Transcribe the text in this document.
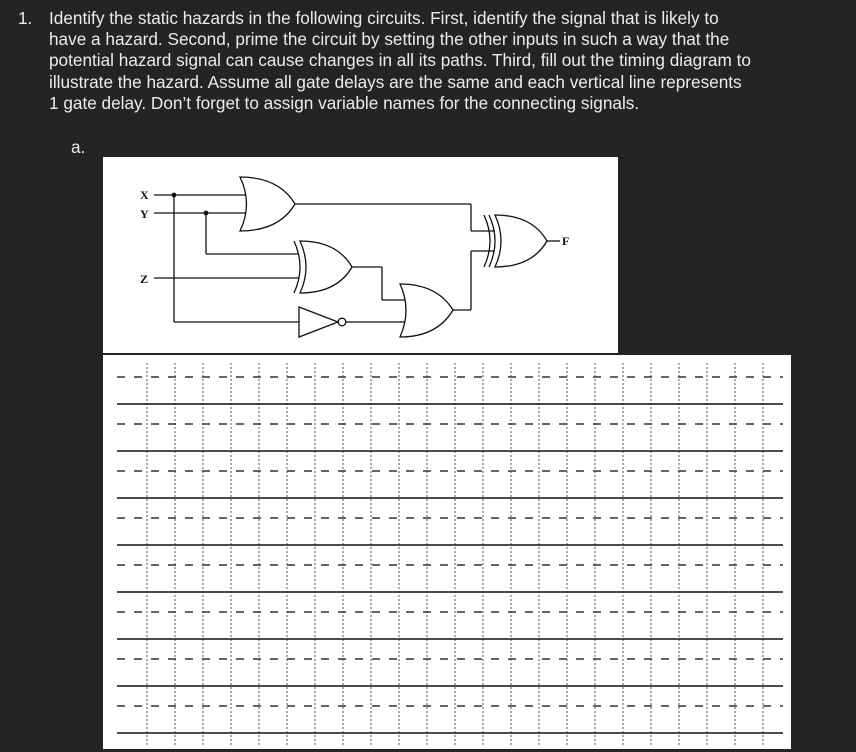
1. Identify the static hazards in the following circuits. First, identify the signal that is likely to
have a hazard. Second, prime the circuit by setting the other inputs in such a way that the
potential hazard signal can cause changes in all its paths. Third, fill out the timing diagram to
illustrate the hazard. Assume all gate delays are the same and each vertical line represents
1 gate delay. Don’t forget to assign variable names for the connecting signals.
a.
X
Y
Z
F
